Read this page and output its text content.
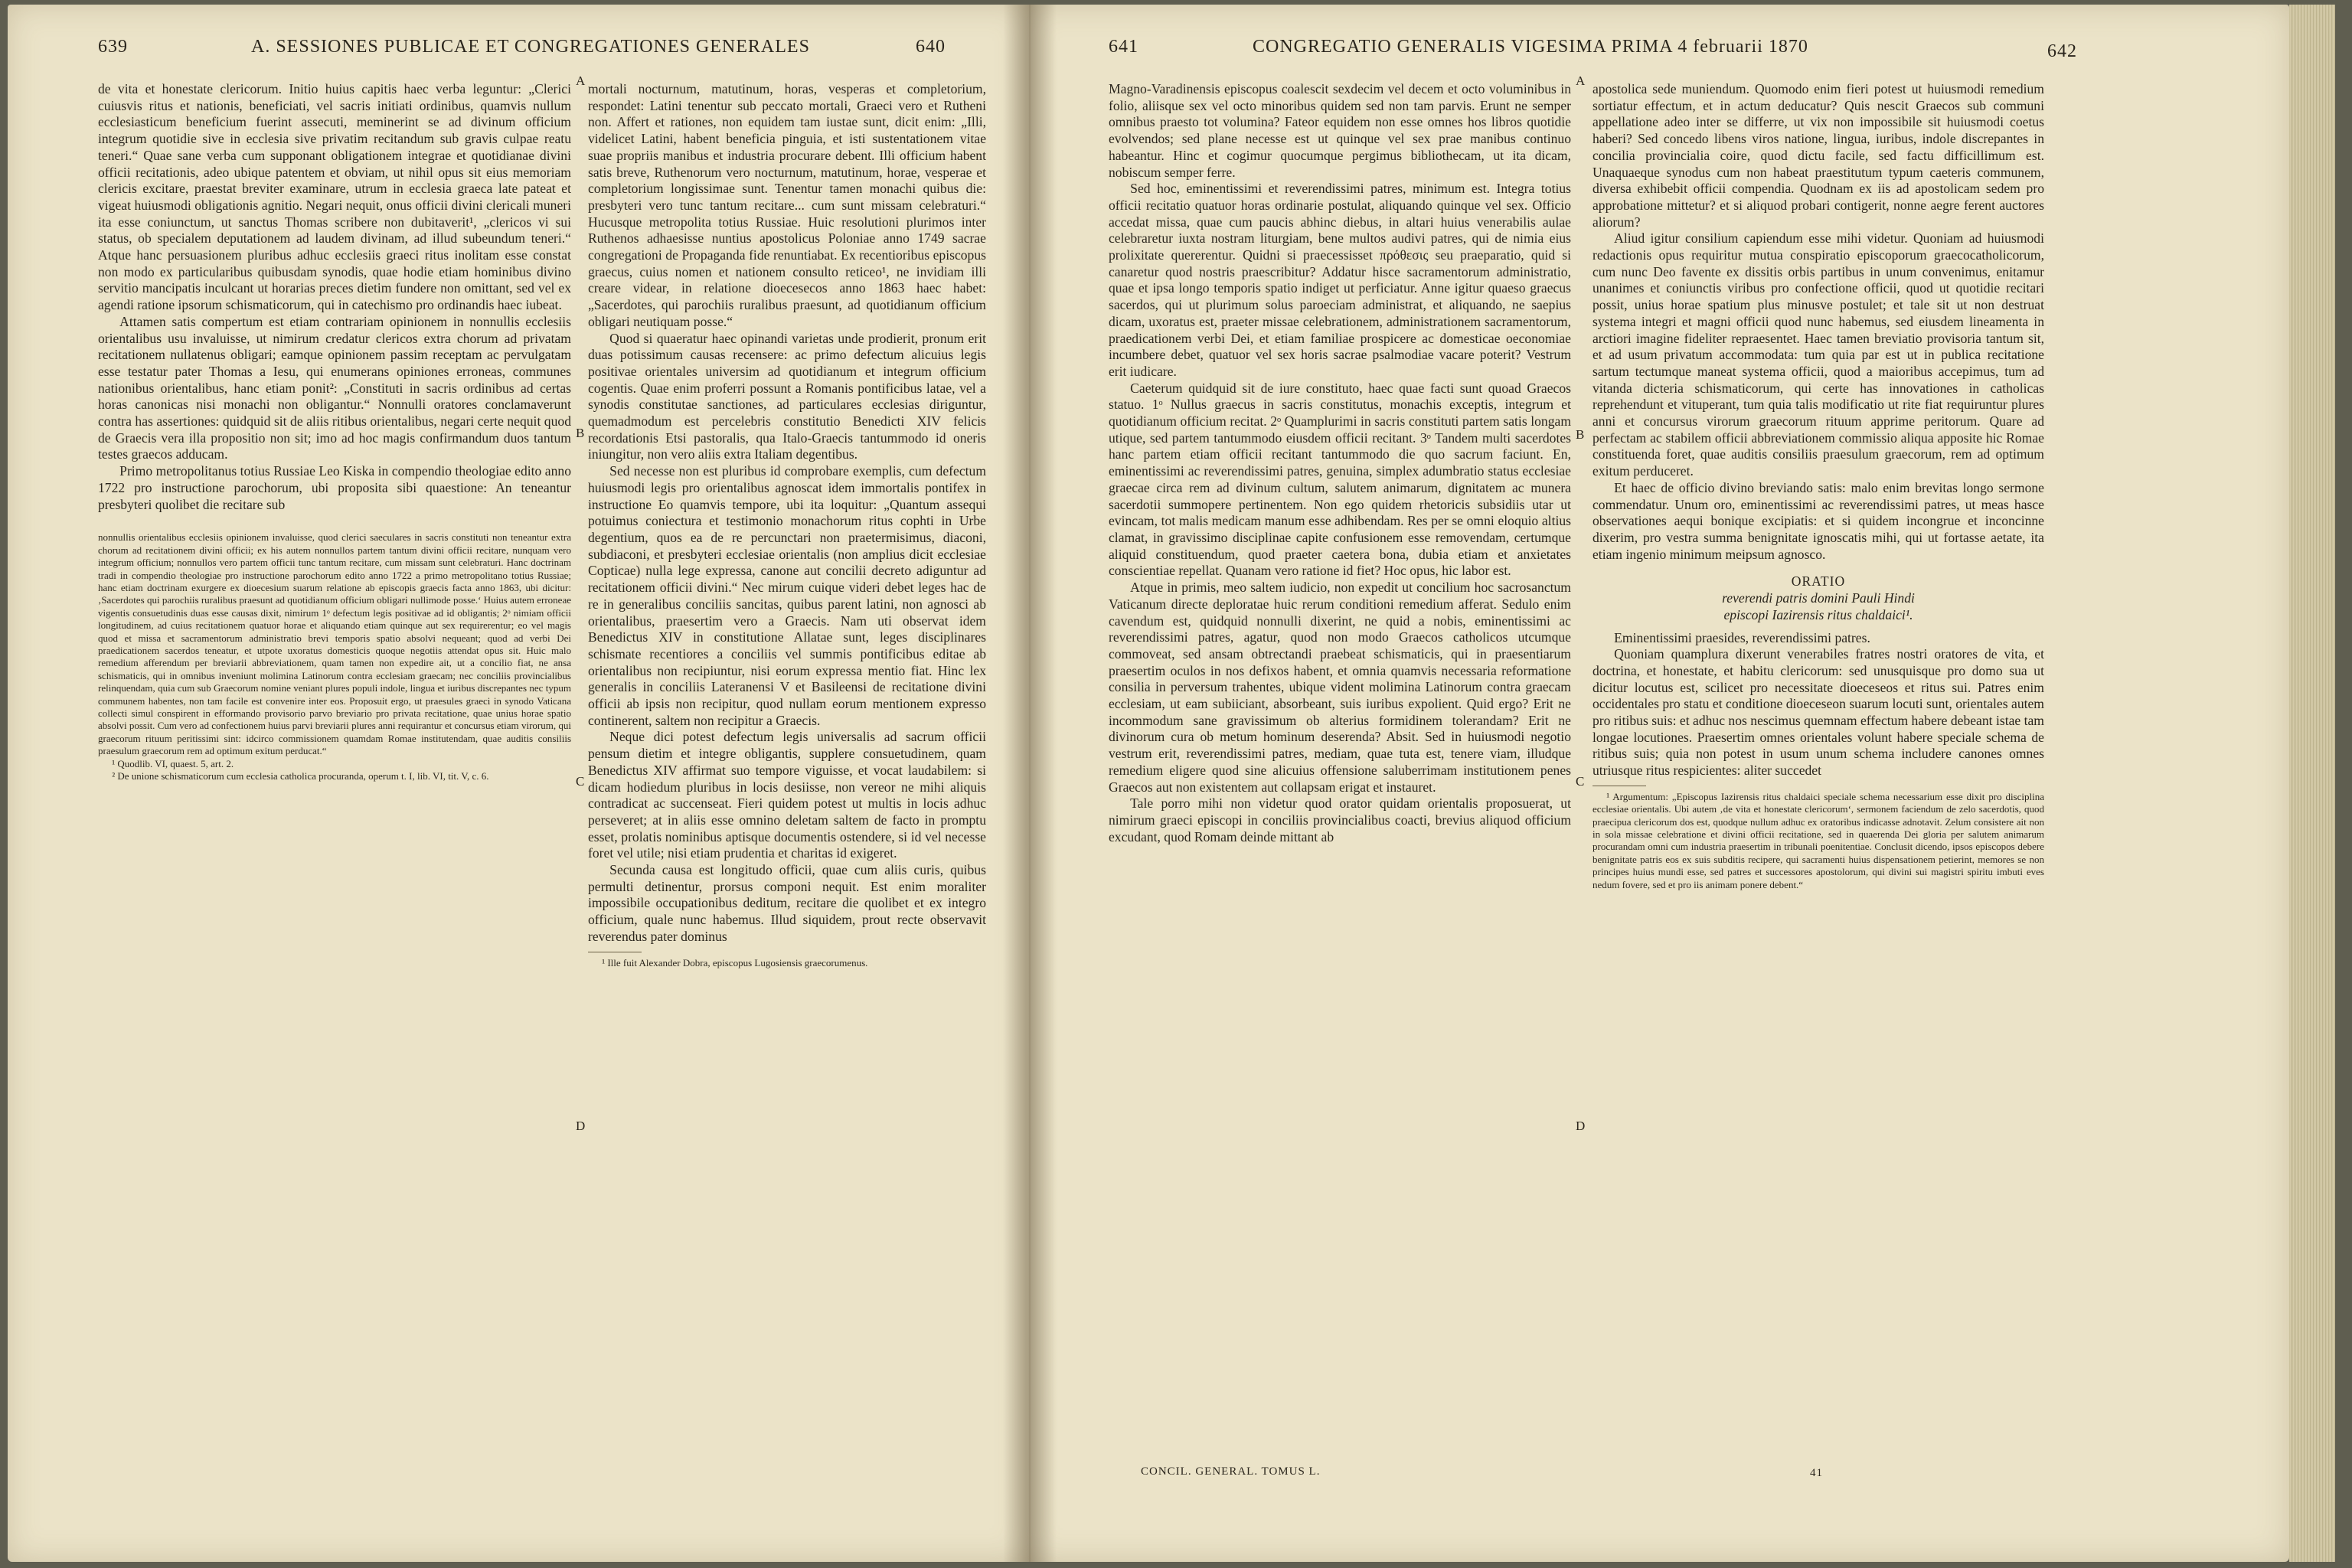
639	A. SESSIONES PUBLICAE ET CONGREGATIONES GENERALES	640

de vita et honestate clericorum. Initio huius capitis haec verba leguntur: „Clerici cuiusvis ritus et nationis, beneficiati, vel sacris initiati ordinibus, quamvis nullum ecclesiasticum beneficium fuerint assecuti, meminerint se ad divinum officium integrum quotidie sive in ecclesia sive privatim recitandum sub gravis culpae reatu teneri.“ Quae sane verba cum supponant obligationem integrae et quotidianae divini officii recitationis, adeo ubique patentem et obviam, ut nihil opus sit eius memoriam clericis excitare, praestat breviter examinare, utrum in ecclesia graeca late pateat et vigeat huiusmodi obligationis agnitio. Negari nequit, onus officii divini clericali muneri ita esse coniunctum, ut sanctus Thomas scribere non dubitaverit¹, „clericos vi sui status, ob specialem deputationem ad laudem divinam, ad illud subeundum teneri.“ Atque hanc persuasionem pluribus adhuc ecclesiis graeci ritus inolitam esse constat non modo ex particularibus quibusdam synodis, quae hodie etiam hominibus divino servitio mancipatis inculcant ut horarias preces dietim fundere non omittant, sed vel ex agendi ratione ipsorum schismaticorum, qui in catechismo pro ordinandis haec iubeat.

Attamen satis compertum est etiam contrariam opinionem in nonnullis ecclesiis orientalibus usu invaluisse, ut nimirum credatur clericos extra chorum ad privatam recitationem nullatenus obligari; eamque opinionem passim receptam ac pervulgatam esse testatur pater Thomas a Iesu, qui enumerans opiniones erroneas, communes nationibus orientalibus, hanc etiam ponit²: „Constituti in sacris ordinibus ad certas horas canonicas nisi monachi non obligantur.“ Nonnulli oratores conclamaverunt contra has assertiones: quidquid sit de aliis ritibus orientalibus, negari certe nequit quod de Graecis vera illa propositio non sit; imo ad hoc magis confirmandum duos tantum testes graecos adducam.

Primo metropolitanus totius Russiae Leo Kiska in compendio theologiae edito anno 1722 pro instructione parochorum, ubi proposita sibi quaestione: An teneantur presbyteri quolibet die recitare sub

nonnullis orientalibus ecclesiis opinionem invaluisse, quod clerici saeculares in sacris constituti non teneantur extra chorum ad recitationem divini officii; ex his autem nonnullos partem tantum divini officii recitare, nunquam vero integrum officium; nonnullos vero partem officii tunc tantum recitare, cum missam sunt celebraturi. Hanc doctrinam tradi in compendio theologiae pro instructione parochorum edito anno 1722 a primo metropolitano totius Russiae; hanc etiam doctrinam exurgere ex dioecesium suarum relatione ab episcopis graecis facta anno 1863, ubi dicitur: ‚Sacerdotes qui parochiis ruralibus praesunt ad quotidianum officium obligari nullimode posse.‘ Huius autem erroneae vigentis consuetudinis duas esse causas dixit, nimirum 1ᵒ defectum legis positivae ad id obligantis; 2ᵒ nimiam officii longitudinem, ad cuius recitationem quatuor horae et aliquando etiam quinque aut sex requirerentur; eo vel magis quod et missa et sacramentorum administratio brevi temporis spatio absolvi nequeant; quod ad verbi Dei praedicationem sacerdos teneatur, et utpote uxoratus domesticis quoque negotiis attendat opus sit. Huic malo remedium afferendum per breviarii abbreviationem, quam tamen non expedire ait, ut a concilio fiat, ne ansa schismaticis, qui in omnibus inveniunt molimina Latinorum contra ecclesiam graecam; nec conciliis provincialibus relinquendam, quia cum sub Graecorum nomine veniant plures populi indole, lingua et iuribus discrepantes nec typum communem habentes, non tam facile est convenire inter eos. Proposuit ergo, ut praesules graeci in synodo Vaticana collecti simul conspirent in efformando provisorio parvo breviario pro privata recitatione, quae unius horae spatio absolvi possit. Cum vero ad confectionem huius parvi breviarii plures anni requirantur et concursus etiam virorum, qui graecorum rituum peritissimi sint: idcirco commissionem quamdam Romae institutendam, quae auditis consiliis praesulum graecorum rem ad optimum exitum perducat.“

¹ Quodlib. VI, quaest. 5, art. 2.

² De unione schismaticorum cum ecclesia catholica procuranda, operum t. I, lib. VI, tit. V, c. 6.

A
B
C
D

mortali nocturnum, matutinum, horas, vesperas et completorium, respondet: Latini tenentur sub peccato mortali, Graeci vero et Rutheni non. Affert et rationes, non equidem tam iustae sunt, dicit enim: „Illi, videlicet Latini, habent beneficia pinguia, et isti sustentationem vitae suae propriis manibus et industria procurare debent. Illi officium habent satis breve, Ruthenorum vero nocturnum, matutinum, horae, vesperae et completorium longissimae sunt. Tenentur tamen monachi quibus die: presbyteri vero tunc tantum recitare... cum sunt missam celebraturi.“ Hucusque metropolita totius Russiae. Huic resolutioni plurimos inter Ruthenos adhaesisse nuntius apostolicus Poloniae anno 1749 sacrae congregationi de Propaganda fide renuntiabat. Ex recentioribus episcopus graecus, cuius nomen et nationem consulto reticeo¹, ne invidiam illi creare videar, in relatione dioecesecos anno 1863 haec habet: „Sacerdotes, qui parochiis ruralibus praesunt, ad quotidianum officium obligari neutiquam posse.“

Quod si quaeratur haec opinandi varietas unde prodierit, pronum erit duas potissimum causas recensere: ac primo defectum alicuius legis positivae orientales universim ad quotidianum et integrum officium cogentis. Quae enim proferri possunt a Romanis pontificibus latae, vel a synodis constitutae sanctiones, ad particulares ecclesias diriguntur, quemadmodum est percelebris constitutio Benedicti XIV felicis recordationis Etsi pastoralis, qua Italo-Graecis tantummodo id oneris iniungitur, non vero aliis extra Italiam degentibus.

Sed necesse non est pluribus id comprobare exemplis, cum defectum huiusmodi legis pro orientalibus agnoscat idem immortalis pontifex in instructione Eo quamvis tempore, ubi ita loquitur: „Quantum assequi potuimus coniectura et testimonio monachorum ritus cophti in Urbe degentium, quos ea de re percunctari non praetermisimus, diaconi, subdiaconi, et presbyteri ecclesiae orientalis (non amplius dicit ecclesiae Copticae) nulla lege expressa, canone aut concilii decreto adiguntur ad recitationem officii divini.“ Nec mirum cuique videri debet leges hac de re in generalibus conciliis sancitas, quibus parent latini, non agnosci ab orientalibus, praesertim vero a Graecis. Nam uti observat idem Benedictus XIV in constitutione Allatae sunt, leges disciplinares schismate recentiores a conciliis vel summis pontificibus editae ab orientalibus non recipiuntur, nisi eorum expressa mentio fiat. Hinc lex generalis in conciliis Lateranensi V et Basileensi de recitatione divini officii ab ipsis non recipitur, quod nullam eorum mentionem expresso continerent, saltem non recipitur a Graecis.

Neque dici potest defectum legis universalis ad sacrum officii pensum dietim et integre obligantis, supplere consuetudinem, quam Benedictus XIV affirmat suo tempore viguisse, et vocat laudabilem: si dicam hodiedum pluribus in locis desiisse, non vereor ne mihi aliquis contradicat ac succenseat. Fieri quidem potest ut multis in locis adhuc perseveret; at in aliis esse omnino deletam saltem de facto in promptu esset, prolatis nominibus aptisque documentis ostendere, si id vel necesse foret vel utile; nisi etiam prudentia et charitas id exigeret.

Secunda causa est longitudo officii, quae cum aliis curis, quibus permulti detinentur, prorsus componi nequit. Est enim moraliter impossibile occupationibus deditum, recitare die quolibet et ex integro officium, quale nunc habemus. Illud siquidem, prout recte observavit reverendus pater dominus

¹ Ille fuit Alexander Dobra, episcopus Lugosiensis graecorumenus.

641	CONGREGATIO GENERALIS VIGESIMA PRIMA 4 februarii 1870	642

Magno-Varadinensis episcopus coalescit sexdecim vel decem et octo voluminibus in folio, aliisque sex vel octo minoribus quidem sed non tam parvis. Erunt ne semper omnibus praesto tot volumina? Fateor equidem non esse omnes hos libros quotidie evolvendos; sed plane necesse est ut quinque vel sex prae manibus continuo habeantur. Hinc et cogimur quocumque pergimus bibliothecam, ut ita dicam, nobiscum semper ferre.

Sed hoc, eminentissimi et reverendissimi patres, minimum est. Integra totius officii recitatio quatuor horas ordinarie postulat, aliquando quinque vel sex. Officio accedat missa, quae cum paucis abhinc diebus, in altari huius venerabilis aulae celebraretur iuxta nostram liturgiam, bene multos audivi patres, qui de nimia eius prolixitate quererentur. Quidni si praecessisset πρόθεσις seu praeparatio, quid si canaretur quod nostris praescribitur? Addatur hisce sacramentorum administratio, quae et ipsa longo temporis spatio indiget ut perficiatur. Anne igitur quaeso graecus sacerdos, qui ut plurimum solus paroeciam administrat, et aliquando, ne saepius dicam, uxoratus est, praeter missae celebrationem, administrationem sacramentorum, praedicationem verbi Dei, et etiam familiae prospicere ac domesticae oeconomiae incumbere debet, quatuor vel sex horis sacrae psalmodiae vacare poterit? Vestrum erit iudicare.

Caeterum quidquid sit de iure constituto, haec quae facti sunt quoad Graecos statuo. 1ᵒ Nullus graecus in sacris constitutus, monachis exceptis, integrum et quotidianum officium recitat. 2ᵒ Quamplurimi in sacris constituti partem satis longam utique, sed partem tantummodo eiusdem officii recitant. 3ᵒ Tandem multi sacerdotes hanc partem etiam officii recitant tantummodo die quo sacrum faciunt. En, eminentissimi ac reverendissimi patres, genuina, simplex adumbratio status ecclesiae graecae circa rem ad divinum cultum, salutem animarum, dignitatem ac munera sacerdotii summopere pertinentem. Non ego quidem rhetoricis subsidiis utar ut evincam, tot malis medicam manum esse adhibendam. Res per se omni eloquio altius clamat, in gravissimo disciplinae capite confusionem esse removendam, certumque aliquid constituendum, quod praeter caetera bona, dubia etiam et anxietates conscientiae repellat. Quanam vero ratione id fiet? Hoc opus, hic labor est.

Atque in primis, meo saltem iudicio, non expedit ut concilium hoc sacrosanctum Vaticanum directe deploratae huic rerum conditioni remedium afferat. Sedulo enim cavendum est, quidquid nonnulli dixerint, ne quid a nobis, eminentissimi ac reverendissimi patres, agatur, quod non modo Graecos catholicos utcumque commoveat, sed ansam obtrectandi praebeat schismaticis, qui in praesentiarum praesertim oculos in nos defixos habent, et omnia quamvis necessaria reformatione consilia in perversum trahentes, ubique vident molimina Latinorum contra graecam ecclesiam, ut eam subiiciant, absorbeant, suis iuribus expolient. Quid ergo? Erit ne incommodum sane gravissimum ob alterius formidinem tolerandam? Erit ne divinorum cura ob metum hominum deserenda? Absit. Sed in huiusmodi negotio vestrum erit, reverendissimi patres, mediam, quae tuta est, tenere viam, illudque remedium eligere quod sine alicuius offensione saluberrimam institutionem penes Graecos aut non existentem aut collapsam erigat et instauret.

Tale porro mihi non videtur quod orator quidam orientalis proposuerat, ut nimirum graeci episcopi in conciliis provincialibus coacti, brevius aliquod officium excudant, quod Romam deinde mittant ab

CONCIL. GENERAL. TOMUS L.
A
B
C
D

apostolica sede muniendum. Quomodo enim fieri potest ut huiusmodi remedium sortiatur effectum, et in actum deducatur? Quis nescit Graecos sub communi appellatione adeo inter se differre, ut vix non impossibile sit huiusmodi coetus haberi? Sed concedo libens viros natione, lingua, iuribus, indole discrepantes in concilia provincialia coire, quod dictu facile, sed factu difficillimum est. Unaquaeque synodus cum non habeat praestitutum typum caeteris communem, diversa exhibebit officii compendia. Quodnam ex iis ad apostolicam sedem pro approbatione mittetur? et si aliquod probari contigerit, nonne aegre ferent auctores aliorum?

Aliud igitur consilium capiendum esse mihi videtur. Quoniam ad huiusmodi redactionis opus requiritur mutua conspiratio episcoporum graecocatholicorum, cum nunc Deo favente ex dissitis orbis partibus in unum convenimus, enitamur unanimes et coniunctis viribus pro confectione officii, quod ut quotidie recitari possit, unius horae spatium plus minusve postulet; et tale sit ut non destruat systema integri et magni officii quod nunc habemus, sed eiusdem lineamenta in arctiori imagine fideliter repraesentet. Haec tamen breviatio provisoria tantum sit, et ad usum privatum accommodata: tum quia par est ut in publica recitatione sartum tectumque maneat systema officii, quod a maioribus accepimus, tum ad vitanda dicteria schismaticorum, qui certe has innovationes in catholicas reprehendunt et vituperant, tum quia talis modificatio ut rite fiat requiruntur plures anni et concursus virorum graecorum rituum apprime peritorum. Quare ad perfectam ac stabilem officii abbreviationem commissio aliqua apposite hic Romae constituenda foret, quae auditis consiliis praesulum graecorum, rem ad optimum exitum perduceret.

Et haec de officio divino breviando satis: malo enim brevitas longo sermone commendatur. Unum oro, eminentissimi ac reverendissimi patres, ut meas hasce observationes aequi bonique excipiatis: et si quidem incongrue et inconcinne dixerim, pro vestra summa benignitate ignoscatis mihi, qui ut fortasse aetate, ita etiam ingenio minimum meipsum agnosco.

ORATIO

reverendi patris domini Pauli Hindi

episcopi Iazirensis ritus chaldaici¹.

Eminentissimi praesides, reverendissimi patres.

Quoniam quamplura dixerunt venerabiles fratres nostri oratores de vita, et doctrina, et honestate, et habitu clericorum: sed unusquisque pro domo sua ut dicitur locutus est, scilicet pro necessitate dioeceseos et ritus sui. Patres enim occidentales pro statu et conditione dioeceseon suarum locuti sunt, orientales autem pro ritibus suis: et adhuc nos nescimus quemnam effectum habere debeant istae tam longae locutiones. Praesertim omnes orientales volunt habere speciale schema de ritibus suis; quia non potest in usum unum schema includere canones omnes utriusque ritus respicientes: aliter succedet

¹ Argumentum: „Episcopus Iazirensis ritus chaldaici speciale schema necessarium esse dixit pro disciplina ecclesiae orientalis. Ubi autem ‚de vita et honestate clericorum‘, sermonem faciendum de zelo sacerdotis, quod praecipua clericorum dos est, quodque nullum adhuc ex oratoribus indicasse adnotavit. Zelum consistere ait non in sola missae celebratione et divini officii recitatione, sed in quaerenda Dei gloria per salutem animarum procurandam omni cum industria praesertim in tribunali poenitentiae. Conclusit dicendo, ipsos episcopos debere benignitate patris eos ex suis subditis recipere, qui sacramenti huius dispensationem petierint, memores se non principes huius mundi esse, sed patres et successores apostolorum, qui divini sui magistri spiritu imbuti eves nedum fovere, sed et pro iis animam ponere debent.“

41
